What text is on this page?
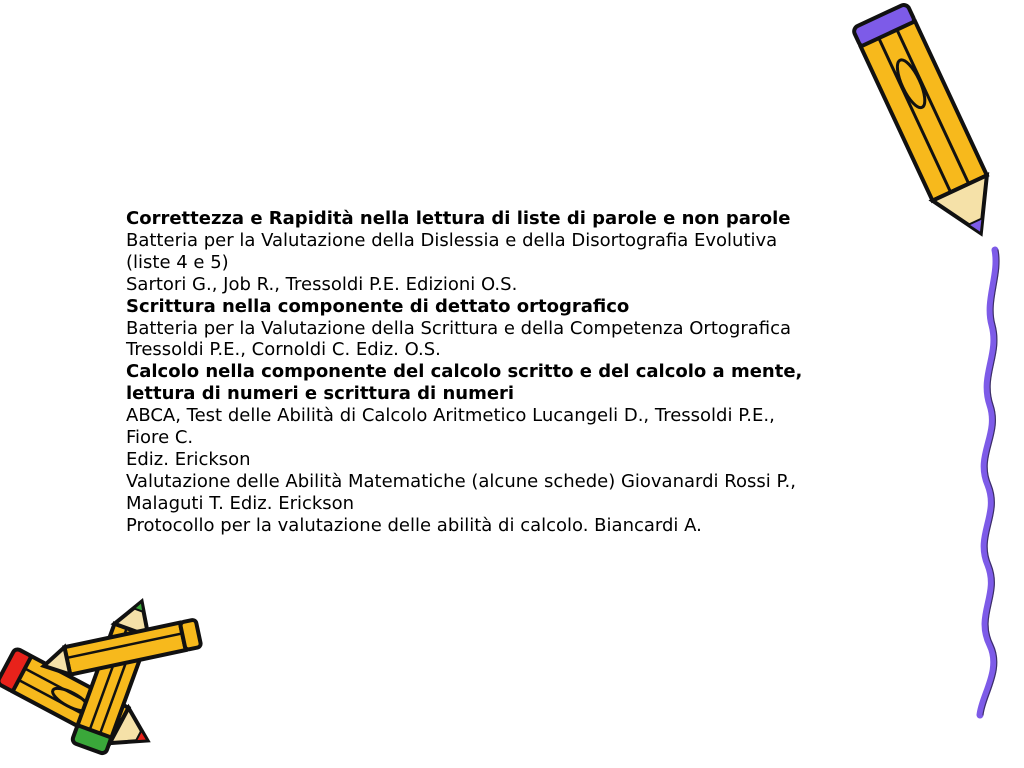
Correttezza e Rapidità nella lettura di liste di parole e non parole
Batteria per la Valutazione della Dislessia e della Disortografia Evolutiva
(liste 4 e 5)
Sartori G., Job R., Tressoldi P.E. Edizioni O.S.
Scrittura nella componente di dettato ortografico
Batteria per la Valutazione della Scrittura e della Competenza Ortografica
Tressoldi P.E., Cornoldi C. Ediz. O.S.
Calcolo nella componente del calcolo scritto e del calcolo a mente,
lettura di numeri e scrittura di numeri
ABCA, Test delle Abilità di Calcolo Aritmetico Lucangeli D., Tressoldi P.E.,
Fiore C.
Ediz. Erickson
Valutazione delle Abilità Matematiche (alcune schede) Giovanardi Rossi P.,
Malaguti T. Ediz. Erickson
Protocollo per la valutazione delle abilità di calcolo. Biancardi A.
